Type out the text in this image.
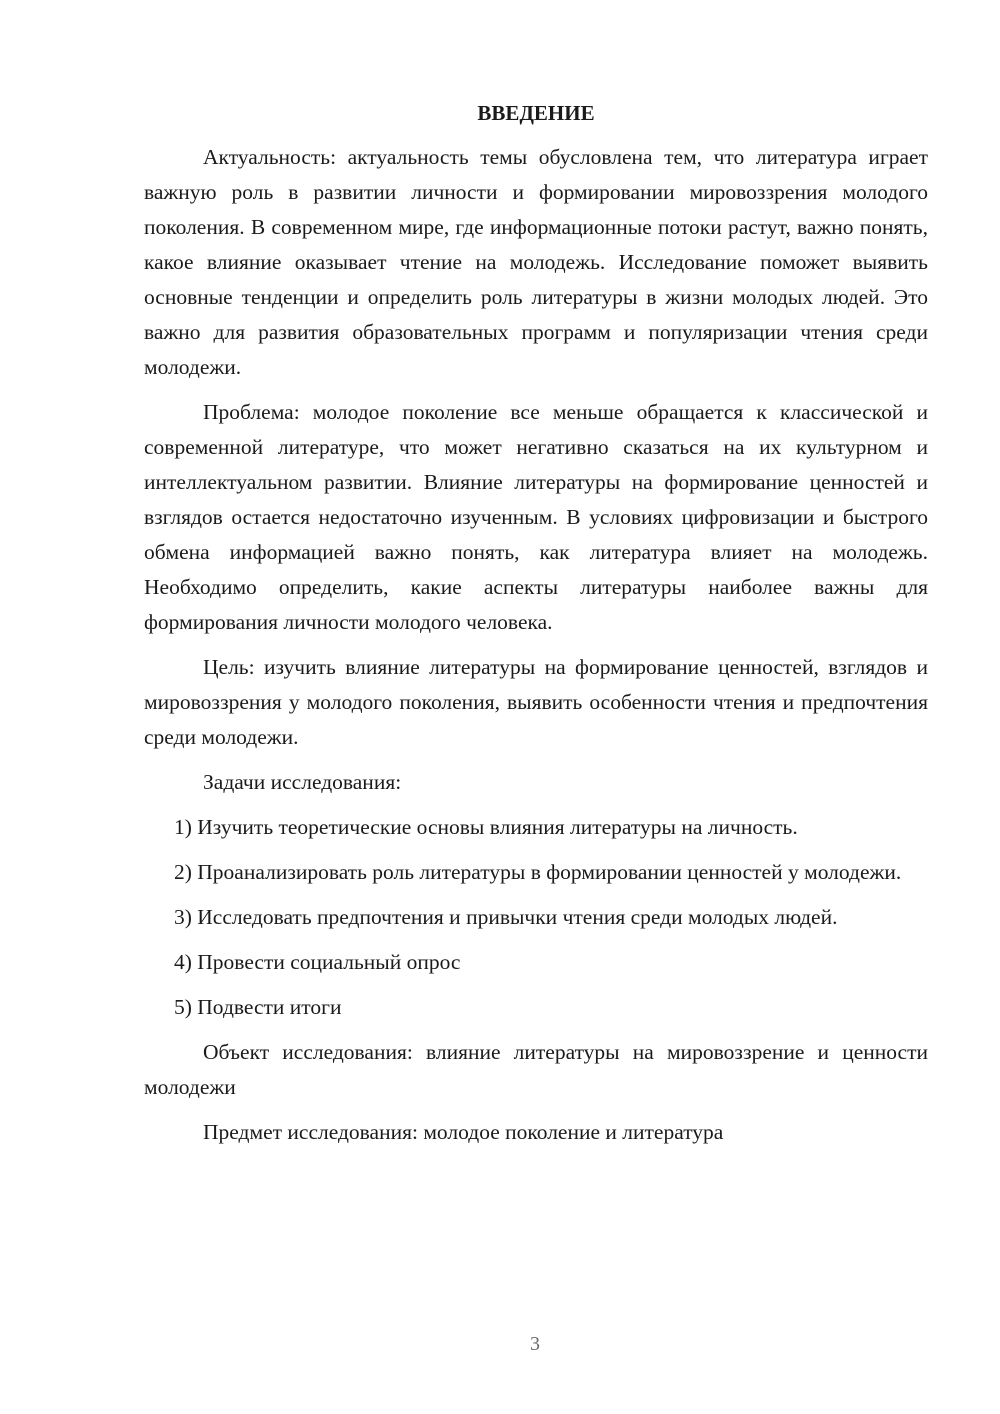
ВВЕДЕНИЕ

Актуальность: актуальность темы обусловлена тем, что литература играет важную роль в развитии личности и формировании мировоззрения молодого поколения. В современном мире, где информационные потоки растут, важно понять, какое влияние оказывает чтение на молодежь. Исследование поможет выявить основные тенденции и определить роль литературы в жизни молодых людей. Это важно для развития образовательных программ и популяризации чтения среди молодежи.

Проблема: молодое поколение все меньше обращается к классической и современной литературе, что может негативно сказаться на их культурном и интеллектуальном развитии. Влияние литературы на формирование ценностей и взглядов остается недостаточно изученным. В условиях цифровизации и быстрого обмена информацией важно понять, как литература влияет на молодежь. Необходимо определить, какие аспекты литературы наиболее важны для формирования личности молодого человека.

Цель: изучить влияние литературы на формирование ценностей, взглядов и мировоззрения у молодого поколения, выявить особенности чтения и предпочтения среди молодежи.

Задачи исследования:

1) Изучить теоретические основы влияния литературы на личность.

2) Проанализировать роль литературы в формировании ценностей у молодежи.

3) Исследовать предпочтения и привычки чтения среди молодых людей.

4) Провести социальный опрос

5) Подвести итоги

Объект исследования: влияние литературы на мировоззрение и ценности молодежи

Предмет исследования: молодое поколение и литература

3
